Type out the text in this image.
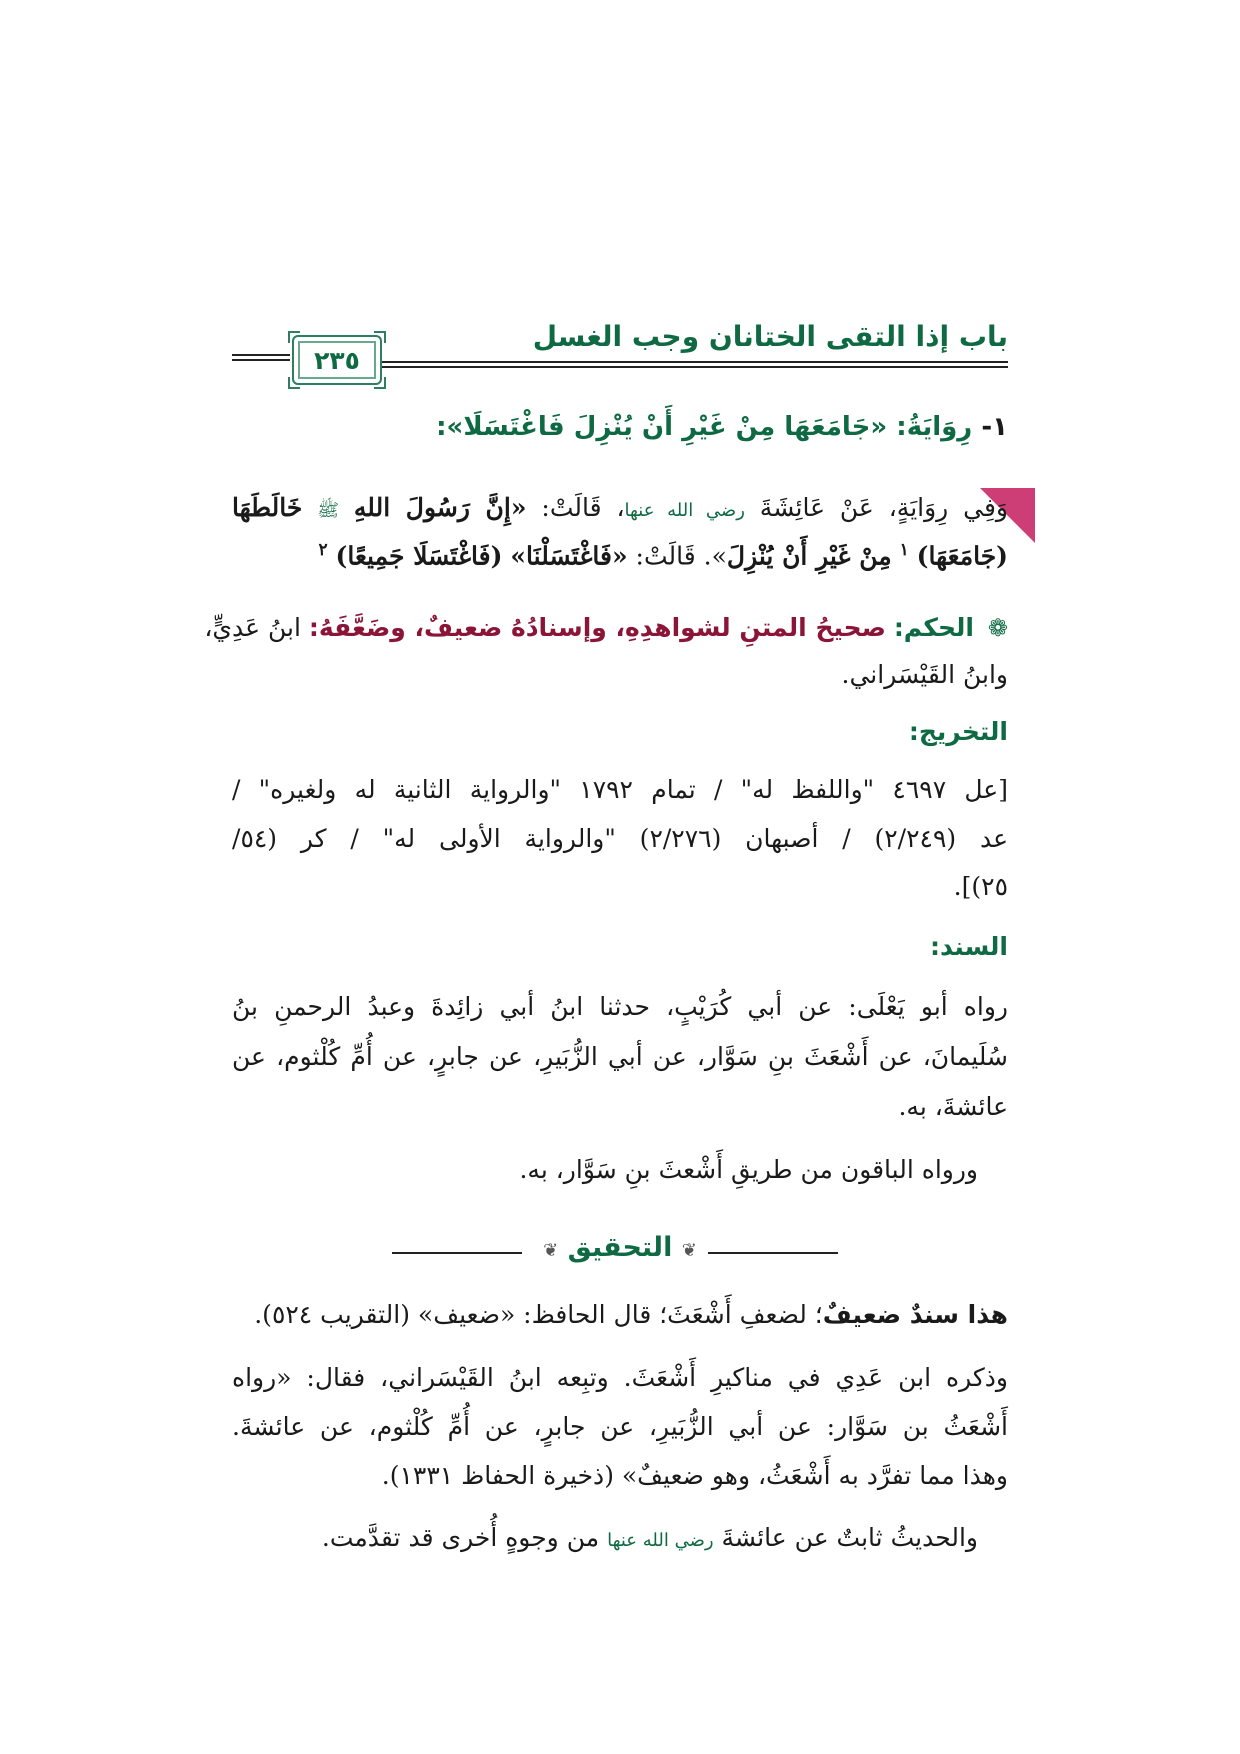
باب إذا التقى الختانان وجب الغسل
٢٣٥
١- رِوَايَةُ: «جَامَعَهَا مِنْ غَيْرِ أَنْ يُنْزِلَ فَاغْتَسَلَا»:
وَفِي رِوَايَةٍ، عَنْ عَائِشَةَ رضي الله عنها، قَالَتْ: «إِنَّ رَسُولَ اللهِ ﷺ خَالَطَهَا
(جَامَعَهَا) $^١$ مِنْ غَيْرِ أَنْ يُنْزِلَ». قَالَتْ: «فَاغْتَسَلْنَا» (فَاغْتَسَلَا جَمِيعًا) $^٢$
❁ الحكم: صحيحُ المتنِ لشواهدِهِ، وإسنادُهُ ضعيفٌ، وضَعَّفَهُ: ابنُ عَدِيٍّ،
وابنُ القَيْسَراني.
التخريج:
[عل ٤٦٩٧ "واللفظ له" / تمام ١٧٩٢ "والرواية الثانية له ولغيره" /
عد (٢/٢٤٩) / أصبهان (٢/٢٧٦) "والرواية الأولى له" / كر (٥٤/
٢٥)].
السند:
رواه أبو يَعْلَى: عن أبي كُرَيْبٍ، حدثنا ابنُ أبي زائِدةَ وعبدُ الرحمنِ بنُ
سُلَيمانَ، عن أَشْعَثَ بنِ سَوَّار، عن أبي الزُّبَيرِ، عن جابرٍ، عن أُمِّ كُلْثوم، عن
عائشةَ، به.
ورواه الباقون من طريقِ أَشْعثَ بنِ سَوَّار، به.
❦ التحقيق ❦
هذا سندٌ ضعيفٌ؛ لضعفِ أَشْعَثَ؛ قال الحافظ: «ضعيف» (التقريب ٥٢٤).
وذكره ابن عَدِي في مناكيرِ أَشْعَثَ. وتبِعه ابنُ القَيْسَراني، فقال: «رواه
أَشْعَثُ بن سَوَّار: عن أبي الزُّبَيرِ، عن جابرٍ، عن أُمِّ كُلْثوم، عن عائشةَ.
وهذا مما تفرَّد به أَشْعَثُ، وهو ضعيفٌ» (ذخيرة الحفاظ ١٣٣١).
والحديثُ ثابتٌ عن عائشةَ رضي الله عنها من وجوهٍ أُخرى قد تقدَّمت.
